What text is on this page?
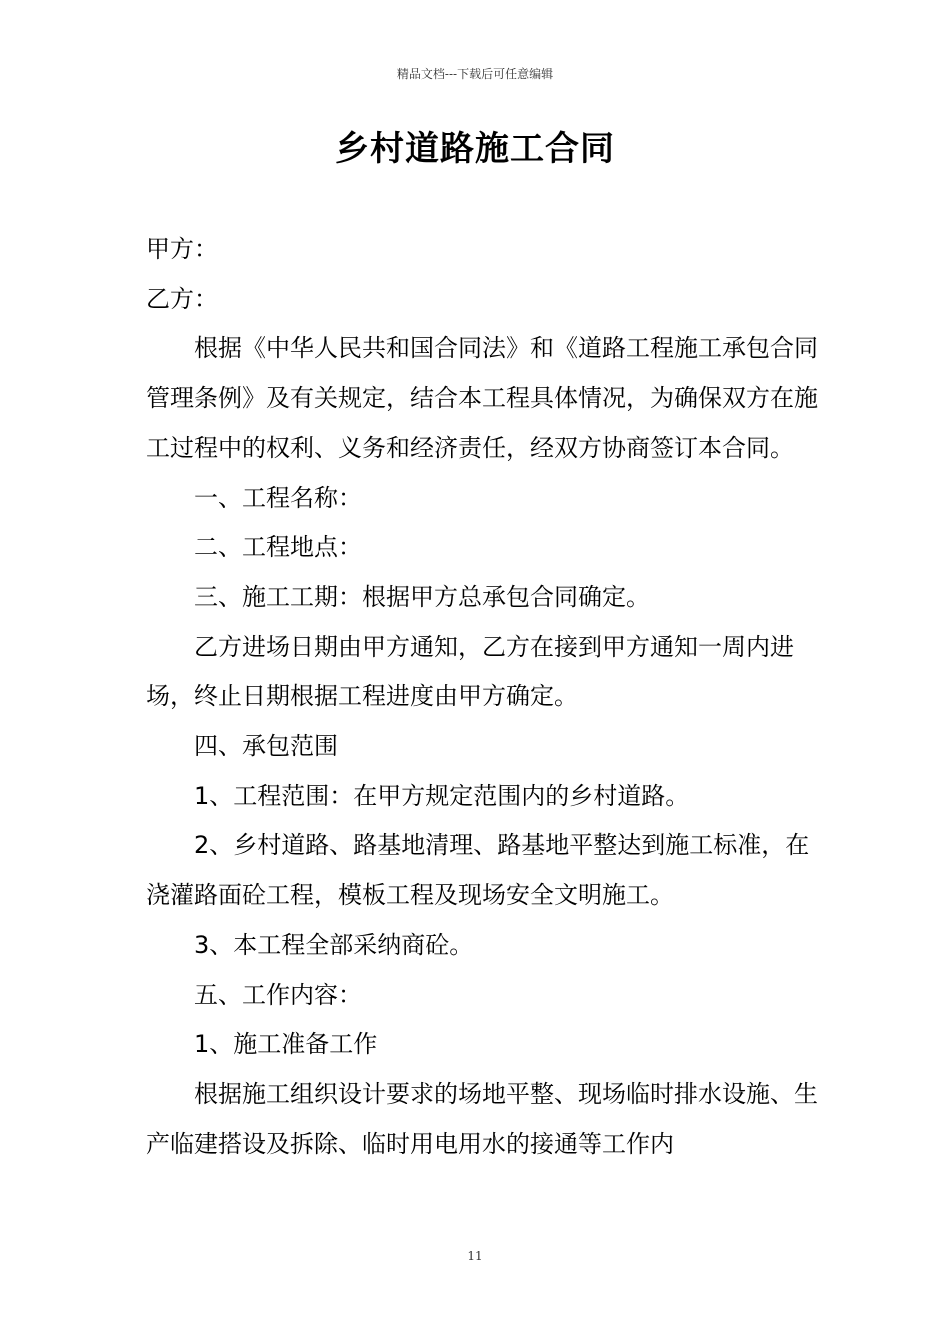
精品文档---下载后可任意编辑
乡村道路施工合同

甲方：

乙方：

根据《中华人民共和国合同法》和《道路工程施工承包合同管理条例》及有关规定，结合本工程具体情况，为确保双方在施工过程中的权利、义务和经济责任，经双方协商签订本合同。

一、工程名称：

二、工程地点：

三、施工工期：根据甲方总承包合同确定。

乙方进场日期由甲方通知，乙方在接到甲方通知一周内进场，终止日期根据工程进度由甲方确定。

四、承包范围

1、工程范围：在甲方规定范围内的乡村道路。

2、乡村道路、路基地清理、路基地平整达到施工标准，在浇灌路面砼工程，模板工程及现场安全文明施工。

3、本工程全部采纳商砼。

五、工作内容：

1、施工准备工作

根据施工组织设计要求的场地平整、现场临时排水设施、生产临建搭设及拆除、临时用电用水的接通等工作内

11
